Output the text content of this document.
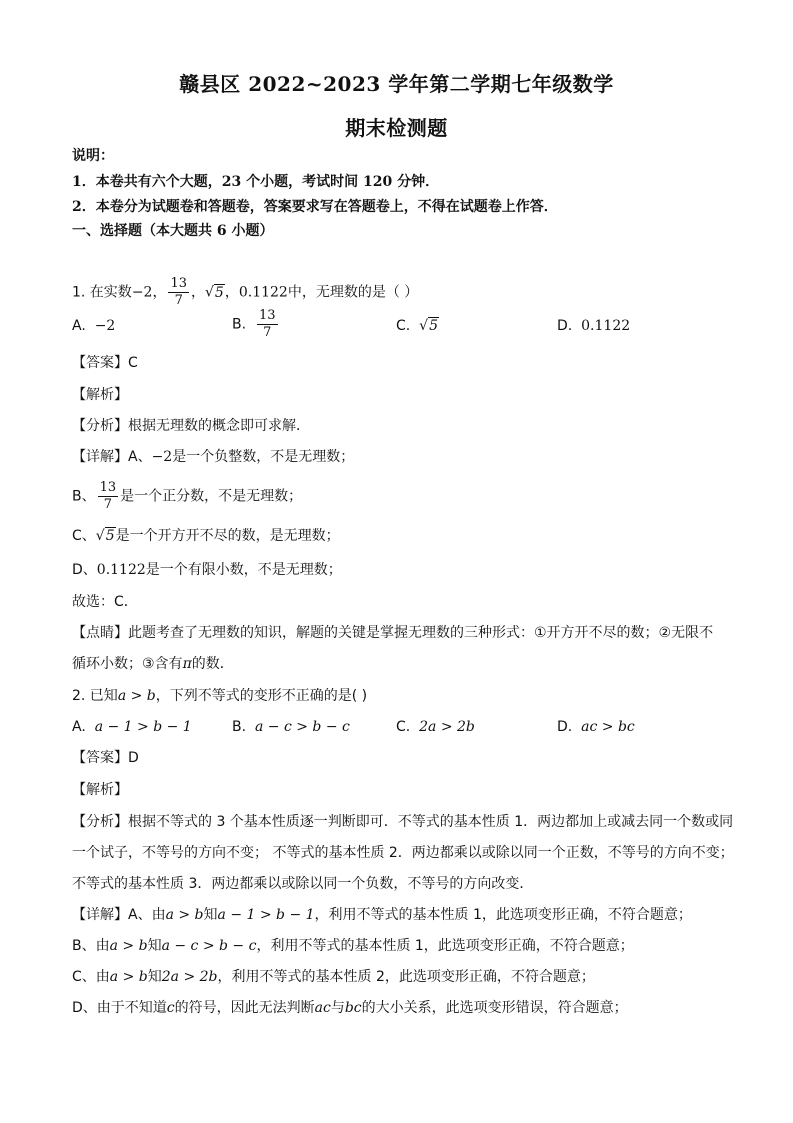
赣县区 2022~2023 学年第二学期七年级数学
期末检测题
说明：
1．本卷共有六个大题，23 个小题，考试时间 120 分钟．
2．本卷分为试题卷和答题卷，答案要求写在答题卷上，不得在试题卷上作答．
一、选择题（本大题共 6 小题）
1. 在实数−2， $\frac{13}{7}$ ，√5，0.1122中，无理数的是（ ）
A. −2	B. $\frac{13}{7}$	C. √5	D. 0.1122
【答案】C
【解析】
【分析】根据无理数的概念即可求解．
【详解】A、−2是一个负整数，不是无理数；
B、 $\frac{13}{7}$ 是一个正分数，不是无理数；
C、√5是一个开方开不尽的数，是无理数；
D、0.1122是一个有限小数，不是无理数；
故选：C．
【点睛】此题考查了无理数的知识，解题的关键是掌握无理数的三种形式：①开方开不尽的数；②无限不
循环小数；③含有π的数．
2. 已知a > b，下列不等式的变形不正确的是( )
A. a − 1 > b − 1	B. a − c > b − c	C. 2a > 2b	D. ac > bc
【答案】D
【解析】
【分析】根据不等式的 3 个基本性质逐一判断即可．不等式的基本性质 1．两边都加上或减去同一个数或同
一个试子，不等号的方向不变； 不等式的基本性质 2．两边都乘以或除以同一个正数，不等号的方向不变；
不等式的基本性质 3．两边都乘以或除以同一个负数，不等号的方向改变．
【详解】A、由a > b知a − 1 > b − 1，利用不等式的基本性质 1，此选项变形正确，不符合题意；
B、由a > b知a − c > b − c，利用不等式的基本性质 1，此选项变形正确，不符合题意；
C、由a > b知2a > 2b，利用不等式的基本性质 2，此选项变形正确，不符合题意；
D、由于不知道c的符号，因此无法判断ac与bc的大小关系，此选项变形错误，符合题意；
